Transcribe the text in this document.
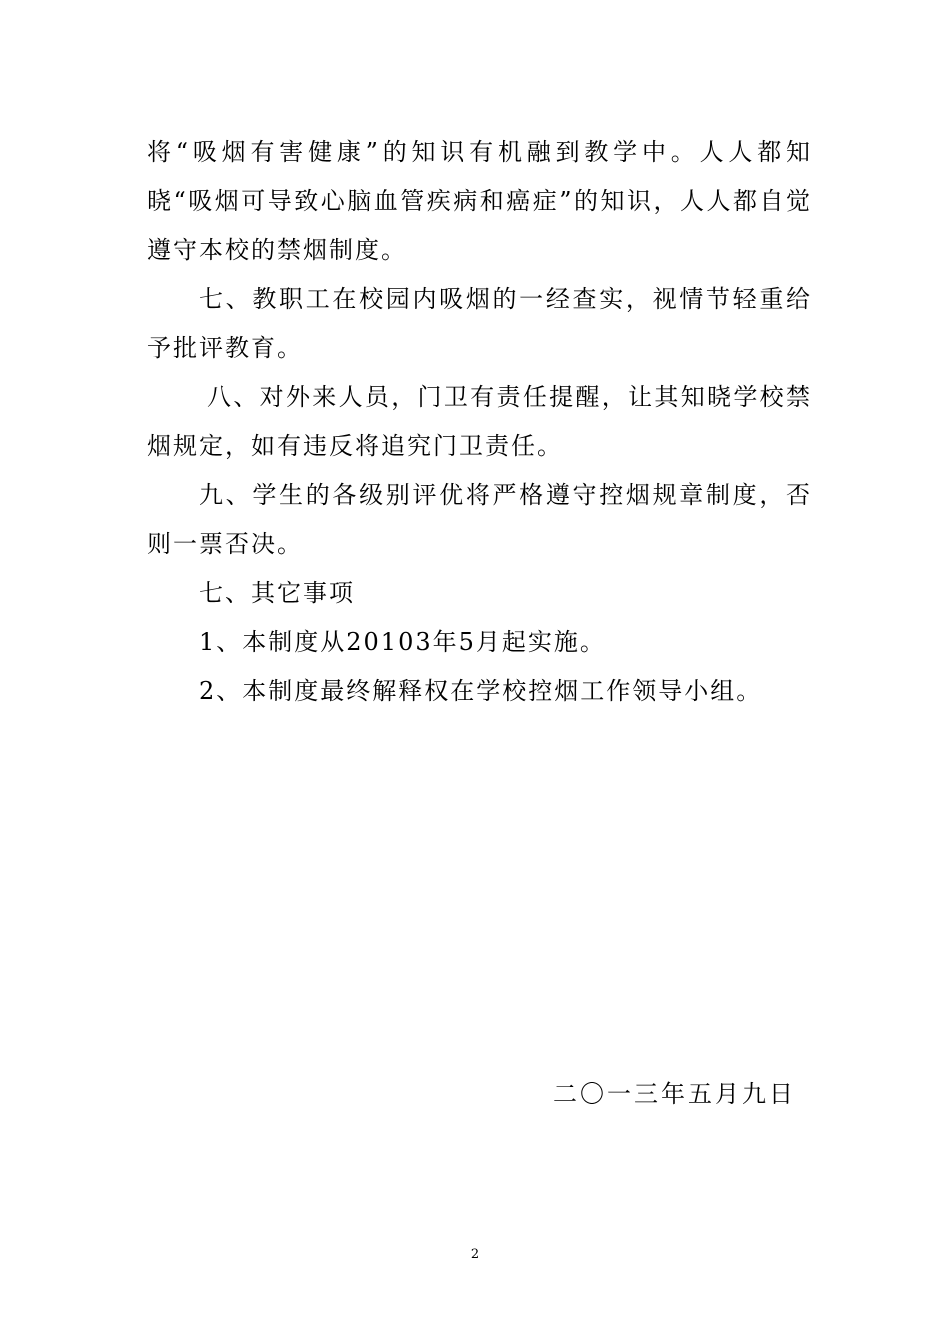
将“吸烟有害健康”的知识有机融到教学中。人人都知晓“吸烟可导致心脑血管疾病和癌症”的知识，人人都自觉遵守本校的禁烟制度。

七、教职工在校园内吸烟的一经查实，视情节轻重给予批评教育。

八、对外来人员，门卫有责任提醒，让其知晓学校禁烟规定，如有违反将追究门卫责任。

九、学生的各级别评优将严格遵守控烟规章制度，否则一票否决。

七、其它事项

1、本制度从20103年5月起实施。

2、本制度最终解释权在学校控烟工作领导小组。

二〇一三年五月九日
2
